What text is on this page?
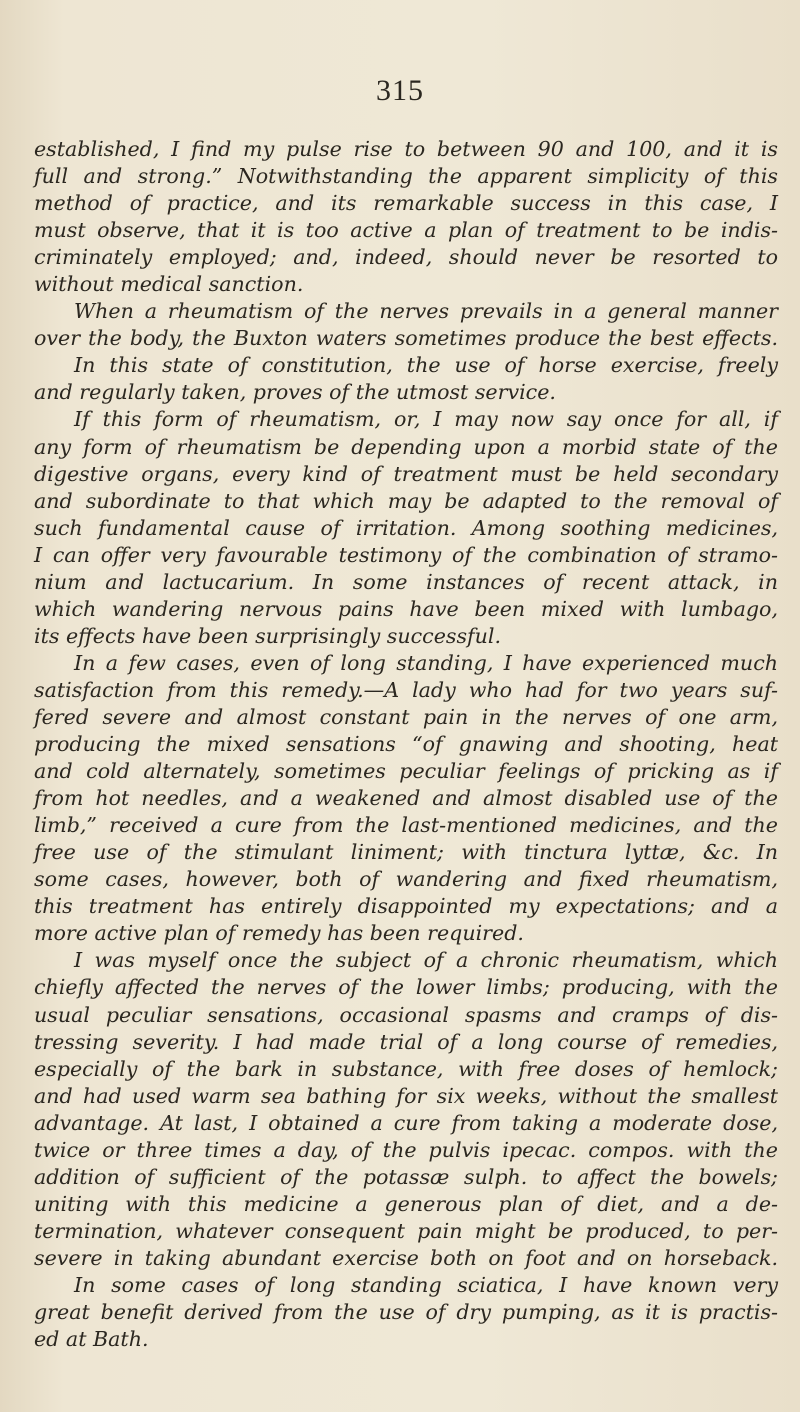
315
established, I find my pulse rise to between 90 and 100, and it is
full and strong.” Notwithstanding the apparent simplicity of this
method of practice, and its remarkable success in this case, I
must observe, that it is too active a plan of treatment to be indis-
criminately employed; and, indeed, should never be resorted to
without medical sanction.
When a rheumatism of the nerves prevails in a general manner
over the body, the Buxton waters sometimes produce the best effects.
In this state of constitution, the use of horse exercise, freely
and regularly taken, proves of the utmost service.
If this form of rheumatism, or, I may now say once for all, if
any form of rheumatism be depending upon a morbid state of the
digestive organs, every kind of treatment must be held secondary
and subordinate to that which may be adapted to the removal of
such fundamental cause of irritation. Among soothing medicines,
I can offer very favourable testimony of the combination of stramo-
nium and lactucarium. In some instances of recent attack, in
which wandering nervous pains have been mixed with lumbago,
its effects have been surprisingly successful.
In a few cases, even of long standing, I have experienced much
satisfaction from this remedy.—A lady who had for two years suf-
fered severe and almost constant pain in the nerves of one arm,
producing the mixed sensations “of gnawing and shooting, heat
and cold alternately, sometimes peculiar feelings of pricking as if
from hot needles, and a weakened and almost disabled use of the
limb,” received a cure from the last-mentioned medicines, and the
free use of the stimulant liniment; with tinctura lyttæ, &c. In
some cases, however, both of wandering and fixed rheumatism,
this treatment has entirely disappointed my expectations; and a
more active plan of remedy has been required.
I was myself once the subject of a chronic rheumatism, which
chiefly affected the nerves of the lower limbs; producing, with the
usual peculiar sensations, occasional spasms and cramps of dis-
tressing severity. I had made trial of a long course of remedies,
especially of the bark in substance, with free doses of hemlock;
and had used warm sea bathing for six weeks, without the smallest
advantage. At last, I obtained a cure from taking a moderate dose,
twice or three times a day, of the pulvis ipecac. compos. with the
addition of sufficient of the potassæ sulph. to affect the bowels;
uniting with this medicine a generous plan of diet, and a de-
termination, whatever consequent pain might be produced, to per-
severe in taking abundant exercise both on foot and on horseback.
In some cases of long standing sciatica, I have known very
great benefit derived from the use of dry pumping, as it is practis-
ed at Bath.
